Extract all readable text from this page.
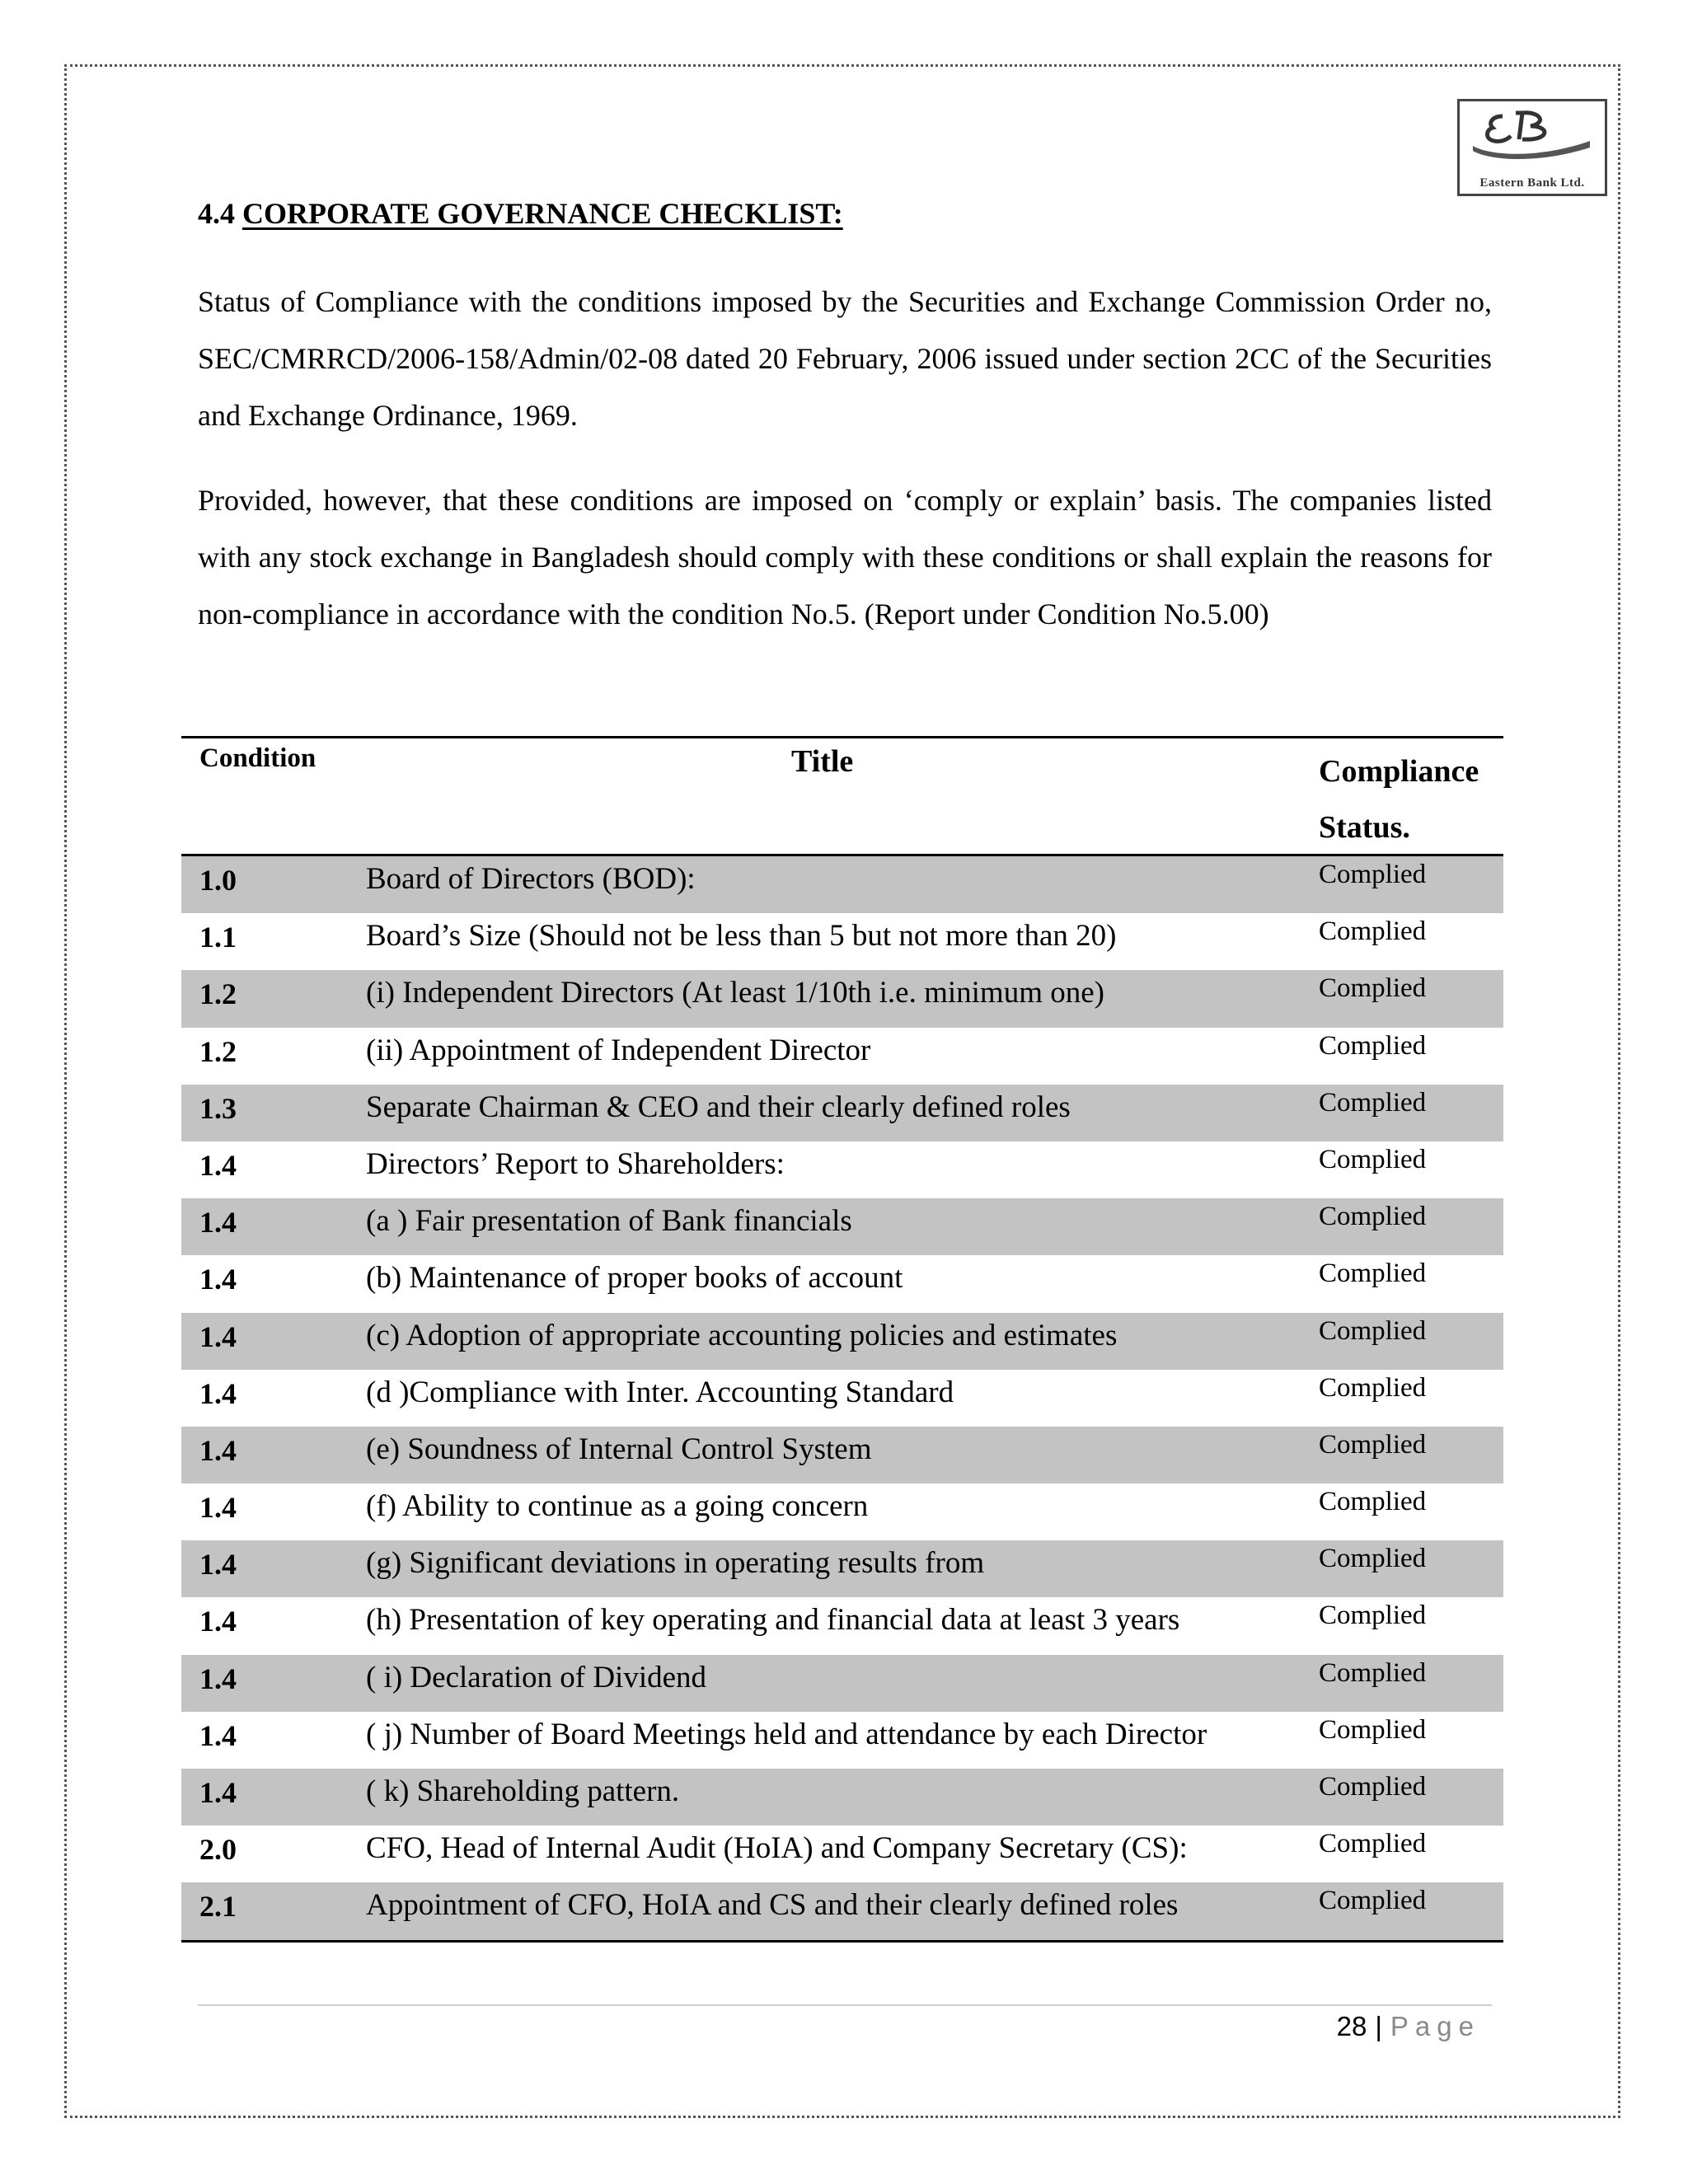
Eastern Bank Ltd.
4.4 CORPORATE GOVERNANCE CHECKLIST:
Status of Compliance with the conditions imposed by the Securities and Exchange Commission Order no, SEC/CMRRCD/2006-158/Admin/02-08 dated 20 February, 2006 issued under section 2CC of the Securities and Exchange Ordinance, 1969.
Provided, however, that these conditions are imposed on ‘comply or explain’ basis. The companies listed with any stock exchange in Bangladesh should comply with these conditions or shall explain the reasons for non-compliance in accordance with the condition No.5. (Report under Condition No.5.00)
Condition	Title	Compliance
Status.
1.0	Board of Directors (BOD):	Complied
1.1	Board’s Size (Should not be less than 5 but not more than 20)	Complied
1.2	(i) Independent Directors (At least 1/10th i.e. minimum one)	Complied
1.2	(ii) Appointment of Independent Director	Complied
1.3	Separate Chairman & CEO and their clearly defined roles	Complied
1.4	Directors’ Report to Shareholders:	Complied
1.4	(a ) Fair presentation of Bank financials	Complied
1.4	(b) Maintenance of proper books of account	Complied
1.4	(c) Adoption of appropriate accounting policies and estimates	Complied
1.4	(d )Compliance with Inter. Accounting Standard	Complied
1.4	(e) Soundness of Internal Control System	Complied
1.4	(f) Ability to continue as a going concern	Complied
1.4	(g) Significant deviations in operating results from	Complied
1.4	(h) Presentation of key operating and financial data at least 3 years	Complied
1.4	( i) Declaration of Dividend	Complied
1.4	( j) Number of Board Meetings held and attendance by each Director	Complied
1.4	( k) Shareholding pattern.	Complied
2.0	CFO, Head of Internal Audit (HoIA) and Company Secretary (CS):	Complied
2.1	Appointment of CFO, HoIA and CS and their clearly defined roles	Complied
28 | Page
